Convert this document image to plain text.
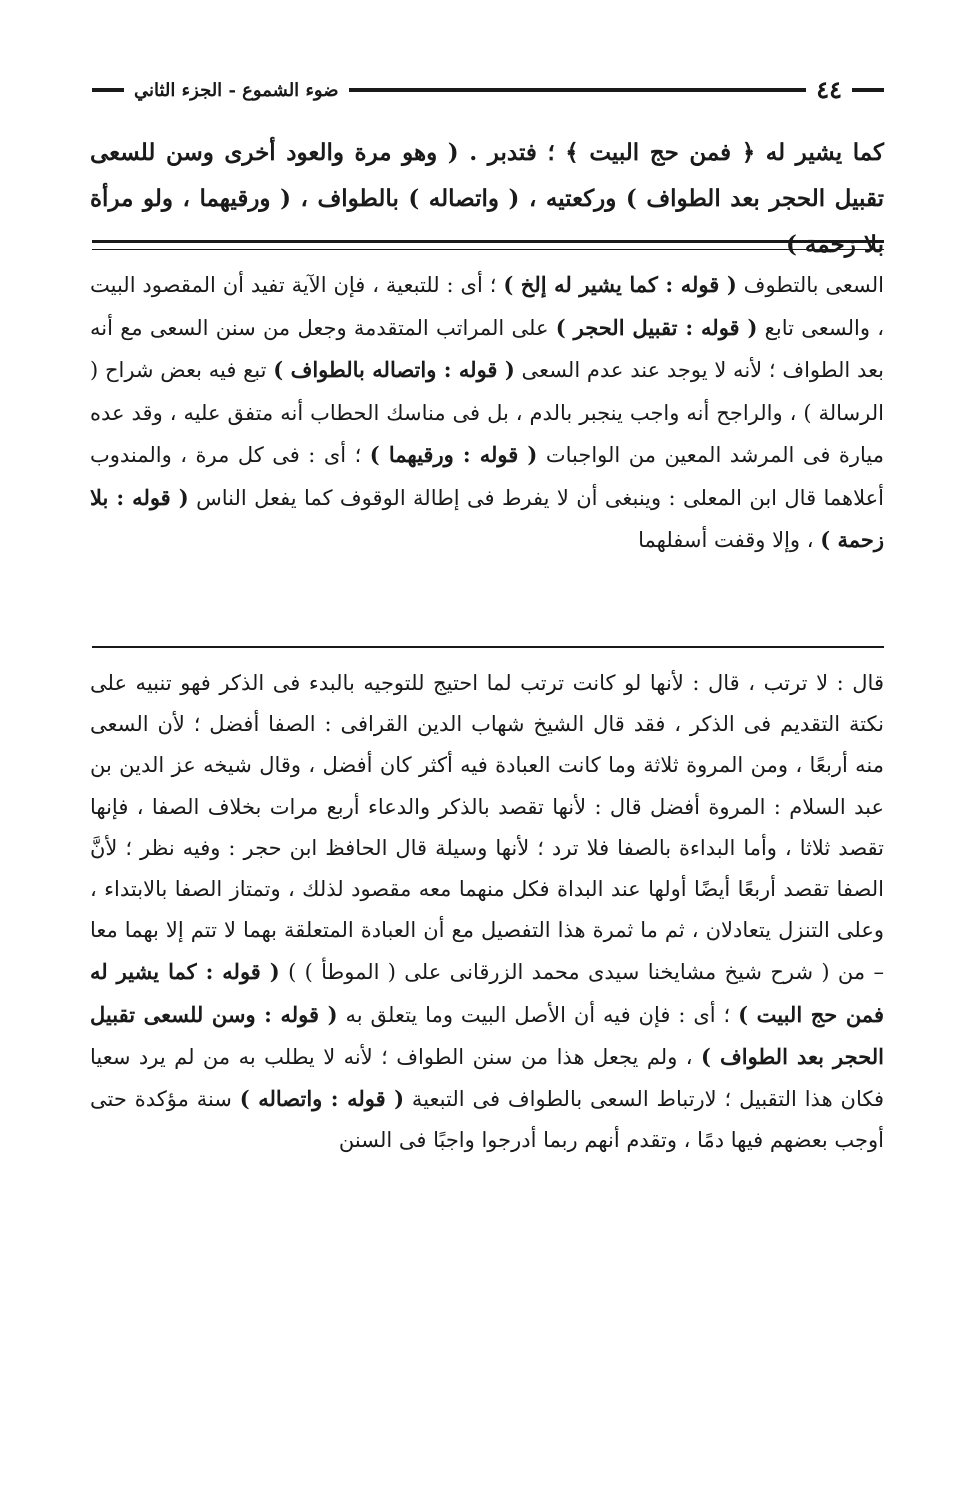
٤٤
ضوء الشموع - الجزء الثاني

كما يشير له ﴿ فمن حج البيت ﴾ ؛ فتدبر . ( وهو مرة والعود أخرى وسن للسعى تقبيل الحجر بعد الطواف ) وركعتيه ، ( واتصاله ) بالطواف ، ( ورقيهما ، ولو مرأة بلا زحمة )

السعى بالتطوف ( قوله : كما يشير له إلخ ) ؛ أى : للتبعية ، فإن الآية تفيد أن المقصود البيت ، والسعى تابع ( قوله : تقبيل الحجر ) على المراتب المتقدمة وجعل من سنن السعى مع أنه بعد الطواف ؛ لأنه لا يوجد عند عدم السعى ( قوله : واتصاله بالطواف ) تبع فيه بعض شراح ( الرسالة ) ، والراجح أنه واجب ينجبر بالدم ، بل فى مناسك الحطاب أنه متفق عليه ، وقد عده ميارة فى المرشد المعين من الواجبات ( قوله : ورقيهما ) ؛ أى : فى كل مرة ، والمندوب أعلاهما قال ابن المعلى : وينبغى أن لا يفرط فى إطالة الوقوف كما يفعل الناس ( قوله : بلا زحمة ) ، وإلا وقفت أسفلهما

قال : لا ترتب ، قال : لأنها لو كانت ترتب لما احتيج للتوجيه بالبدء فى الذكر فهو تنبيه على نكتة التقديم فى الذكر ، فقد قال الشيخ شهاب الدين القرافى : الصفا أفضل ؛ لأن السعى منه أربعًا ، ومن المروة ثلاثة وما كانت العبادة فيه أكثر كان أفضل ، وقال شيخه عز الدين بن عبد السلام : المروة أفضل قال : لأنها تقصد بالذكر والدعاء أربع مرات بخلاف الصفا ، فإنها تقصد ثلاثا ، وأما البداءة بالصفا فلا ترد ؛ لأنها وسيلة قال الحافظ ابن حجر : وفيه نظر ؛ لأنَّ الصفا تقصد أربعًا أيضًا أولها عند البداة فكل منهما معه مقصود لذلك ، وتمتاز الصفا بالابتداء ، وعلى التنزل يتعادلان ، ثم ما ثمرة هذا التفصيل مع أن العبادة المتعلقة بهما لا تتم إلا بهما معا – من ( شرح شيخ مشايخنا سيدى محمد الزرقانى على ( الموطأ ) ) ( قوله : كما يشير له فمن حج البيت ) ؛ أى : فإن فيه أن الأصل البيت وما يتعلق به ( قوله : وسن للسعى تقبيل الحجر بعد الطواف ) ، ولم يجعل هذا من سنن الطواف ؛ لأنه لا يطلب به من لم يرد سعيا فكان هذا التقبيل ؛ لارتباط السعى بالطواف فى التبعية ( قوله : واتصاله ) سنة مؤكدة حتى أوجب بعضهم فيها دمًا ، وتقدم أنهم ربما أدرجوا واجبًا فى السنن
